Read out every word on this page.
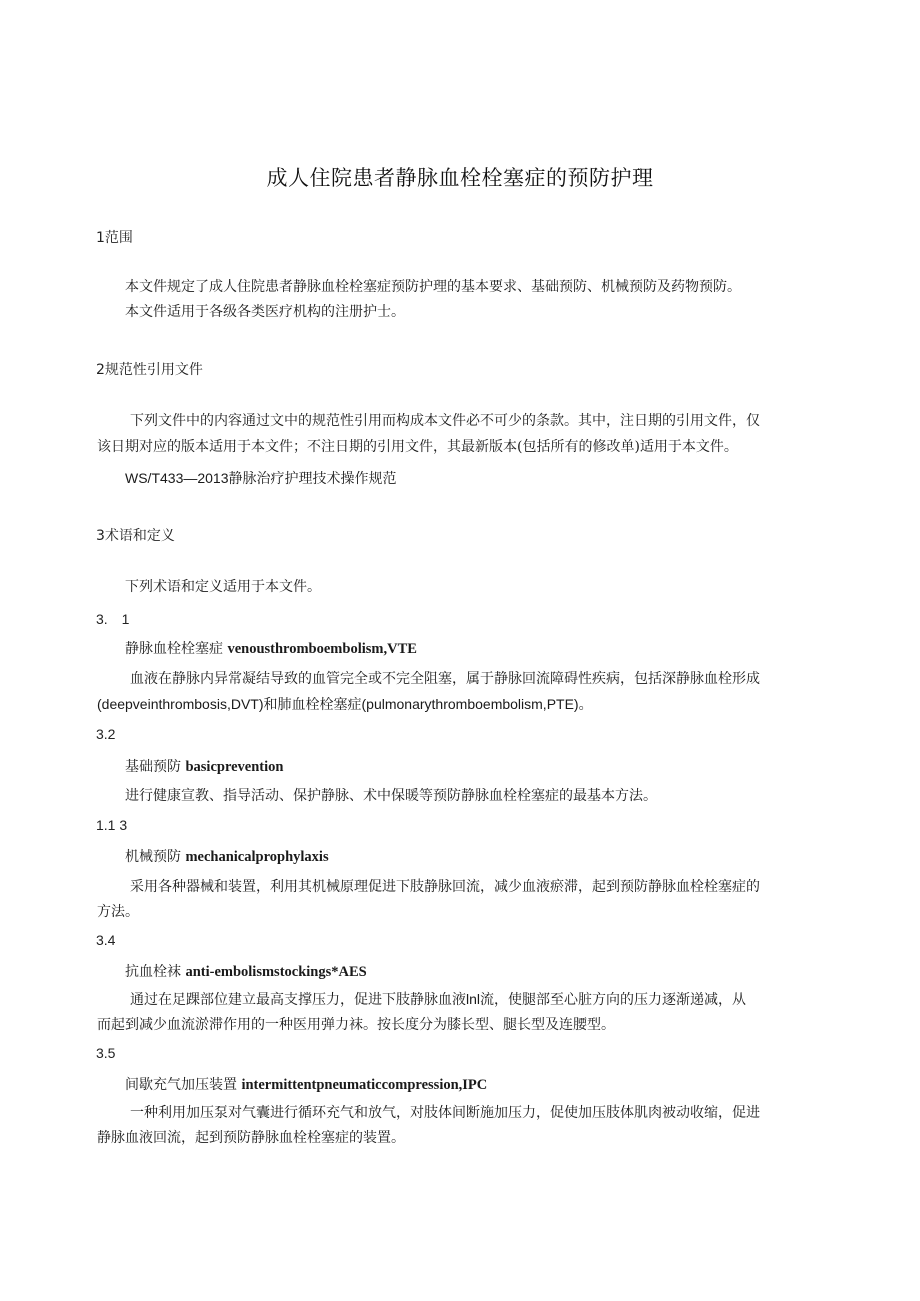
成人住院患者静脉血栓栓塞症的预防护理
1范围
本文件规定了成人住院患者静脉血栓栓塞症预防护理的基本要求、基础预防、机械预防及药物预防。
本文件适用于各级各类医疗机构的注册护士。
2规范性引用文件
下列文件中的内容通过文中的规范性引用而构成本文件必不可少的条款。其中，注日期的引用文件，仅
该日期对应的版本适用于本文件；不注日期的引用文件，其最新版本(包括所有的修改单)适用于本文件。
WS/T433—2013静脉治疗护理技术操作规范
3术语和定义
下列术语和定义适用于本文件。
3.　1
静脉血栓栓塞症 venousthromboembolism,VTE
血液在静脉内异常凝结导致的血管完全或不完全阻塞，属于静脉回流障碍性疾病，包括深静脉血栓形成
(deepveinthrombosis,DVT)和肺血栓栓塞症(pulmonarythromboembolism,PTE)。
3.2
基础预防 basicprevention
进行健康宣教、指导活动、保护静脉、术中保暖等预防静脉血栓栓塞症的最基本方法。
1.1 3
机械预防 mechanicalprophylaxis
采用各种器械和装置，利用其机械原理促进下肢静脉回流，减少血液瘀滞，起到预防静脉血栓栓塞症的
方法。
3.4
抗血栓袜 anti-embolismstockings*AES
通过在足踝部位建立最高支撑压力，促进下肢静脉血液lnl流，使腿部至心脏方向的压力逐渐递减，从
而起到减少血流淤滞作用的一种医用弹力袜。按长度分为膝长型、腿长型及连腰型。
3.5
间歇充气加压装置 intermittentpneumaticcompression,IPC
一种利用加压泵对气囊进行循环充气和放气，对肢体间断施加压力，促使加压肢体肌肉被动收缩，促进
静脉血液回流，起到预防静脉血栓栓塞症的装置。
